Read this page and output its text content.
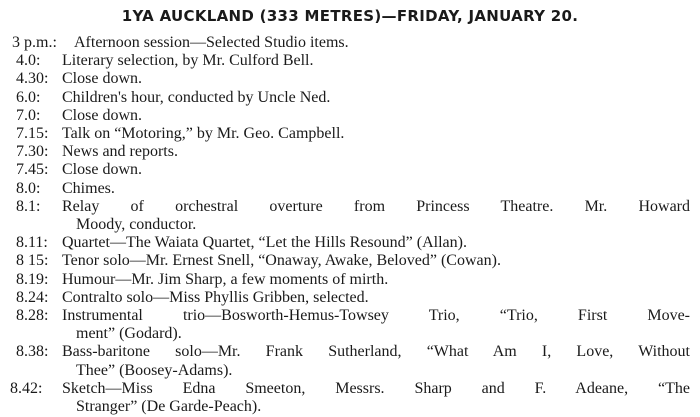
1YA AUCKLAND (333 METRES)—FRIDAY, JANUARY 20.
3 p.m.: Afternoon session—Selected Studio items.
4.0: Literary selection, by Mr. Culford Bell.
4.30: Close down.
6.0: Children's hour, conducted by Uncle Ned.
7.0: Close down.
7.15: Talk on “Motoring,” by Mr. Geo. Campbell.
7.30: News and reports.
7.45: Close down.
8.0: Chimes.
8.1:	Relay of orchestral overture from Princess Theatre. Mr. Howard
Moody, conductor.
8.11: Quartet—The Waiata Quartet, “Let the Hills Resound” (Allan).
8 15: Tenor solo—Mr. Ernest Snell, “Onaway, Awake, Beloved” (Cowan).
8.19: Humour—Mr. Jim Sharp, a few moments of mirth.
8.24: Contralto solo—Miss Phyllis Gribben, selected.
8.28: Instrumental trio—Bosworth-Hemus-Towsey Trio, “Trio, First Move-
ment” (Godard).
8.38: Bass-baritone solo—Mr. Frank Sutherland, “What Am I, Love, Without
Thee” (Boosey-Adams).
8.42:	Sketch—Miss Edna Smeeton, Messrs. Sharp and F. Adeane, “The
Stranger” (De Garde-Peach).
